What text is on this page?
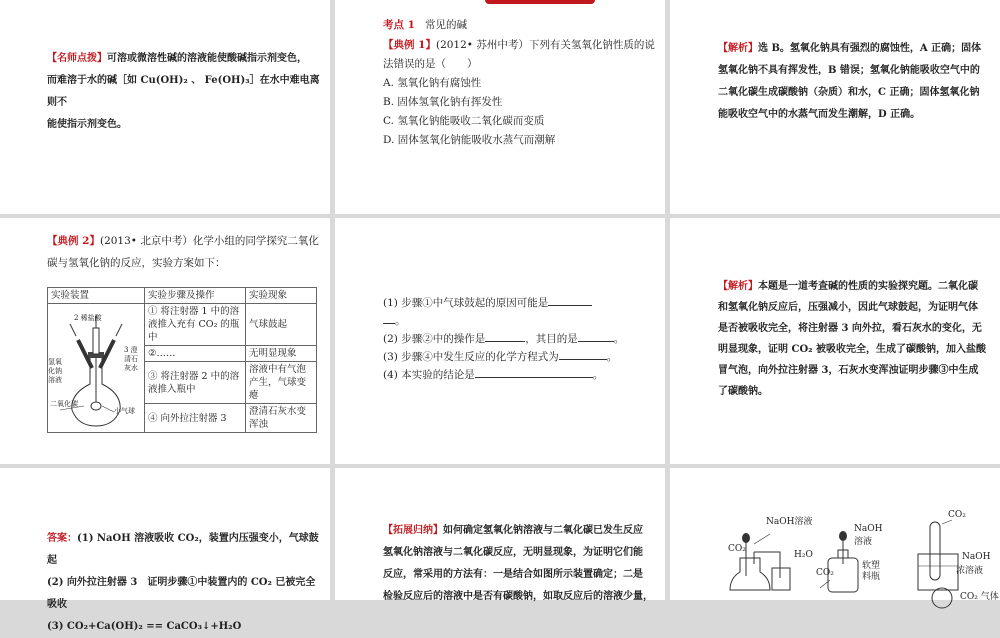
【名师点拨】可溶或微溶性碱的溶液能使酸碱指示剂变色，
而难溶于水的碱［如 Cu(OH)₂ 、 Fe(OH)₃］在水中难电离则不
能使指示剂变色。
考点 1 常见的碱
【典例 1】(2012• 苏州中考）下列有关氢氧化钠性质的说
法错误的是（　　）
A. 氢氧化钠有腐蚀性
B. 固体氢氧化钠有挥发性
C. 氢氧化钠能吸收二氧化碳而变质
D. 固体氢氧化钠能吸收水蒸气而潮解
【解析】选 B。氢氧化钠具有强烈的腐蚀性，A 正确；固体
氢氧化钠不具有挥发性，B 错误；氢氧化钠能吸收空气中的
二氧化碳生成碳酸钠（杂质）和水，C 正确；固体氢氧化钠
能吸收空气中的水蒸气而发生潮解，D 正确。
【典例 2】(2013• 北京中考）化学小组的同学探究二氧化
碳与氢氧化钠的反应，实验方案如下：
实验装置	实验步骤及操作	实验现象

2 稀盐酸
氢氧化钠溶液
3 澄清石灰水
二氧化碳
小气球	① 将注射器 1 中的溶液推入充有 CO₂ 的瓶中	气球鼓起
	②……	无明显现象
	③ 将注射器 2 中的溶液推入瓶中	溶液中有气泡产生，气球变瘪
	④ 向外拉注射器 3	澄清石灰水变浑浊
(1) 步骤①中气球鼓起的原因可能是
。
(2) 步骤②中的操作是	，其目的是	。
(3) 步骤④中发生反应的化学方程式为	。
(4) 本实验的结论是	。
【解析】本题是一道考查碱的性质的实验探究题。二氧化碳
和氢氧化钠反应后，压强减小，因此气球鼓起，为证明气体
是否被吸收完全，将注射器 3 向外拉，看石灰水的变化，无
明显现象，证明 CO₂ 被吸收完全，生成了碳酸钠，加入盐酸
冒气泡，向外拉注射器 3，石灰水变浑浊证明步骤③中生成
了碳酸钠。
答案：(1) NaOH 溶液吸收 CO₂，装置内压强变小，气球鼓起
(2) 向外拉注射器 3　证明步骤①中装置内的 CO₂ 已被完全
吸收
(3) CO₂+Ca(OH)₂ == CaCO₃↓+H₂O
【拓展归纳】如何确定氢氧化钠溶液与二氧化碳已发生反应
氢氧化钠溶液与二氧化碳反应，无明显现象，为证明它们能
反应，常采用的方法有：一是结合如图所示装置确定；二是
检验反应后的溶液中是否有碳酸钠，如取反应后的溶液少量，
NaOH溶液
CO₂
H₂O
NaOH
溶液
CO₂
软塑
料瓶
CO₂
NaOH
浓溶液
CO₂ 气体
